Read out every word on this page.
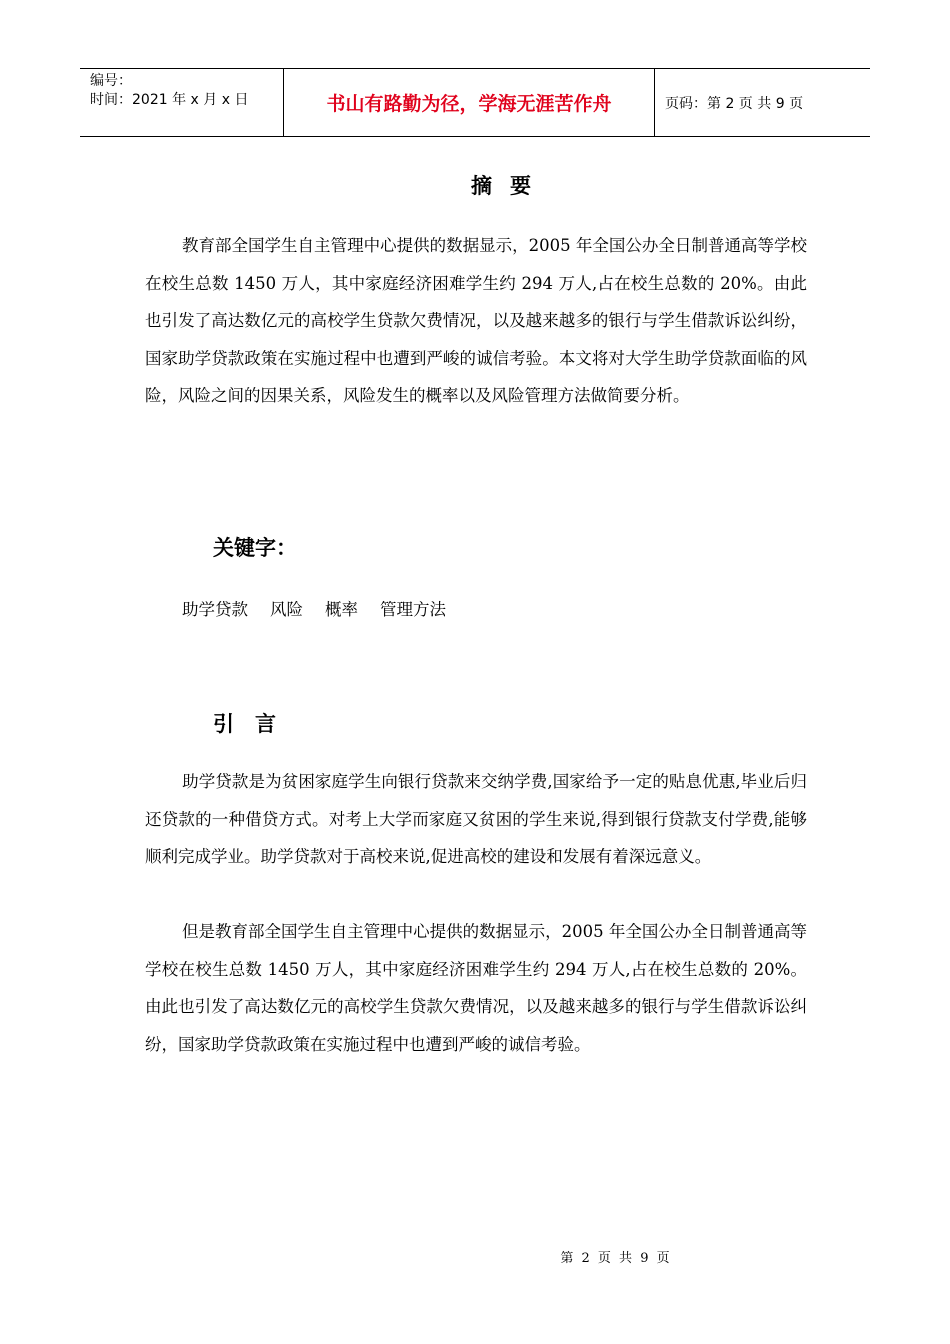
编号：
时间：2021 年 x 月 x 日	书山有路勤为径，学海无涯苦作舟	页码：第 2 页 共 9 页
摘要
教育部全国学生自主管理中心提供的数据显示，2005 年全国公办全日制普通高等学校在校生总数 1450 万人，其中家庭经济困难学生约 294 万人,占在校生总数的 20%。由此也引发了高达数亿元的高校学生贷款欠费情况，以及越来越多的银行与学生借款诉讼纠纷，国家助学贷款政策在实施过程中也遭到严峻的诚信考验。本文将对大学生助学贷款面临的风险，风险之间的因果关系，风险发生的概率以及风险管理方法做简要分析。
关键字：
助学贷款 风险 概率 管理方法
引　言
助学贷款是为贫困家庭学生向银行贷款来交纳学费,国家给予一定的贴息优惠,毕业后归还贷款的一种借贷方式。对考上大学而家庭又贫困的学生来说,得到银行贷款支付学费,能够顺利完成学业。助学贷款对于高校来说,促进高校的建设和发展有着深远意义。
但是教育部全国学生自主管理中心提供的数据显示，2005 年全国公办全日制普通高等学校在校生总数 1450 万人，其中家庭经济困难学生约 294 万人,占在校生总数的 20%。由此也引发了高达数亿元的高校学生贷款欠费情况，以及越来越多的银行与学生借款诉讼纠纷，国家助学贷款政策在实施过程中也遭到严峻的诚信考验。
第 2 页 共 9 页
